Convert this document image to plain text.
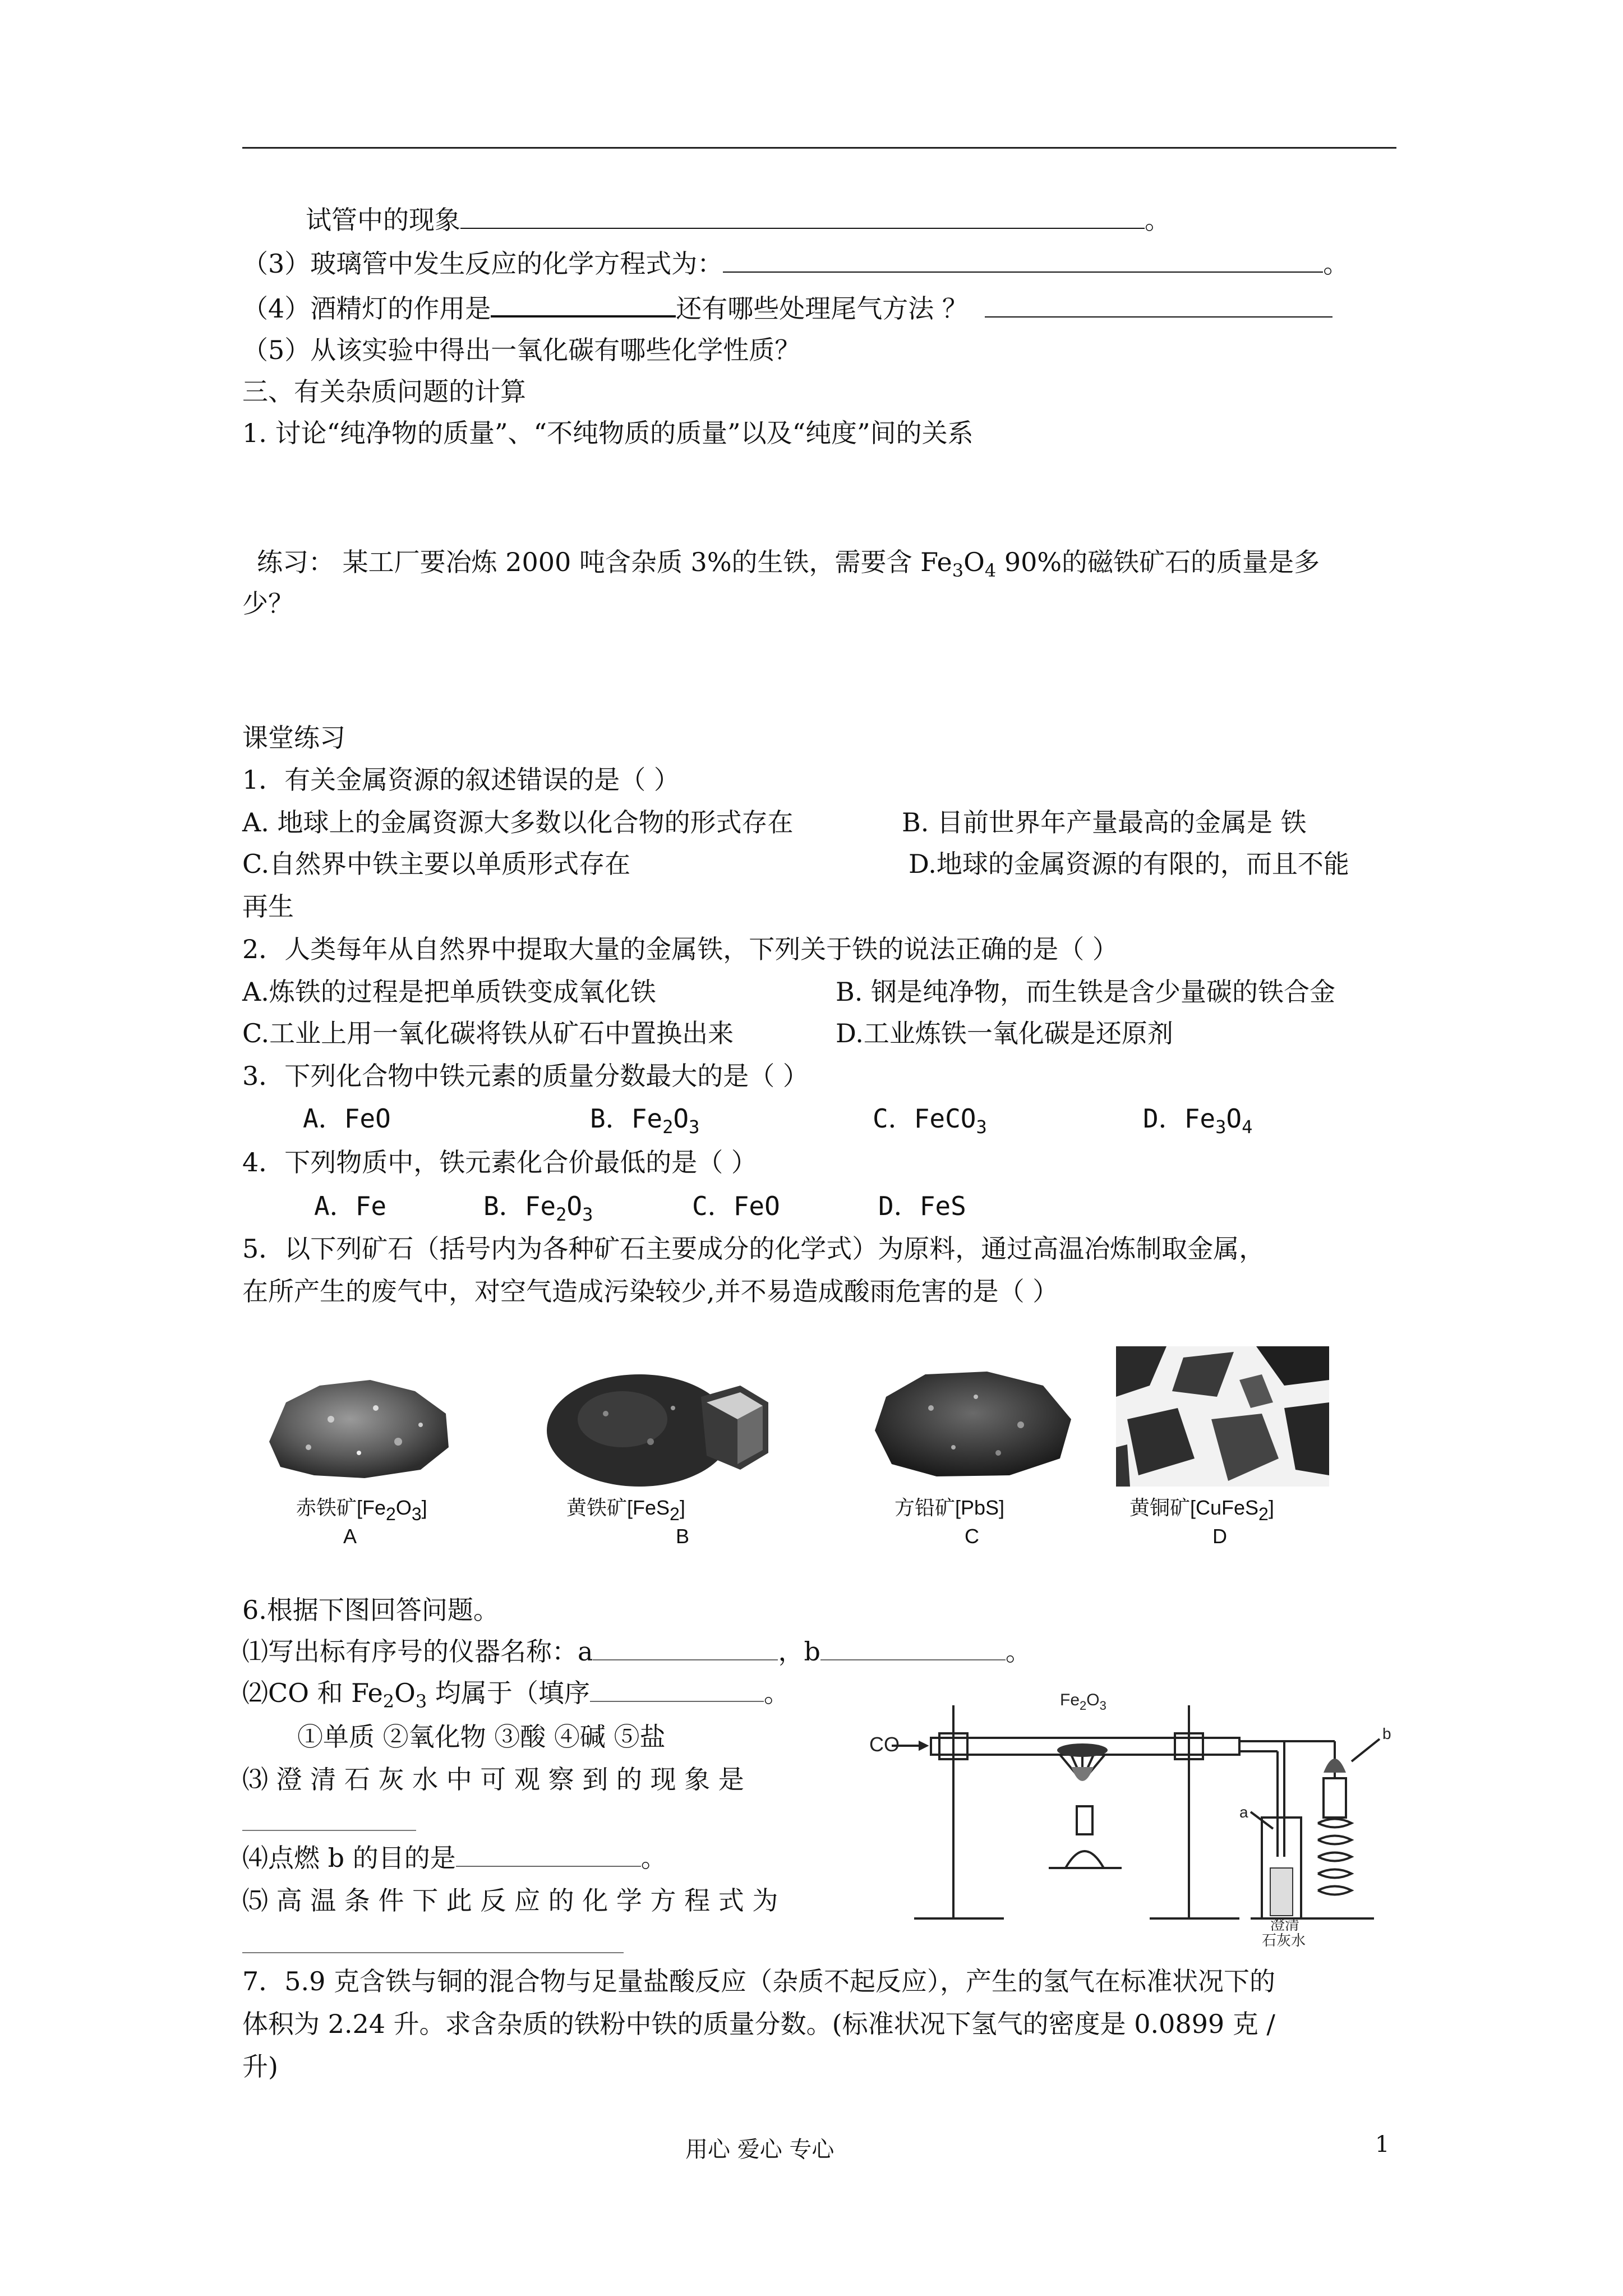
试管中的现象	。
（3）玻璃管中发生反应的化学方程式为：	。
（4）酒精灯的作用是	还有哪些处理尾气方法 ？
（5）从该实验中得出一氧化碳有哪些化学性质？
三、有关杂质问题的计算
1. 讨论“纯净物的质量”、“不纯物质的质量”以及“纯度”间的关系
练习： 某工厂要冶炼 2000 吨含杂质 3%的生铁，需要含 $Fe_3O_4$ 90%的磁铁矿石的质量是多
少？
课堂练习
1．有关金属资源的叙述错误的是（ ）
A. 地球上的金属资源大多数以化合物的形式存在	B. 目前世界年产量最高的金属是 铁
C.自然界中铁主要以单质形式存在	D.地球的金属资源的有限的，而且不能
再生
2．人类每年从自然界中提取大量的金属铁，下列关于铁的说法正确的是（ ）
A.炼铁的过程是把单质铁变成氧化铁	B. 钢是纯净物，而生铁是含少量碳的铁合金
C.工业上用一氧化碳将铁从矿石中置换出来	D.工业炼铁一氧化碳是还原剂
3．下列化合物中铁元素的质量分数最大的是（ ）
A．FeO	B．$Fe_2O_3$	C．FeCO$_3$	D．$Fe_3O_4$
4．下列物质中，铁元素化合价最低的是（ ）
A．Fe	B．$Fe_2O_3$	C．FeO	D．FeS
5．以下列矿石（括号内为各种矿石主要成分的化学式）为原料，通过高温冶炼制取金属，
在所产生的废气中，对空气造成污染较少,并不易造成酸雨危害的是（ ）
赤铁矿[Fe2O3]	黄铁矿[FeS2]	方铅矿[PbS]	黄铜矿[CuFeS2]
A	B	C	D
6.根据下图回答问题。
⑴写出标有序号的仪器名称：a	，b	。
⑵CO 和 $Fe_2O_3$ 均属于（填序	。
①单质 ②氧化物 ③酸 ④碱 ⑤盐
⑶ 澄 清 石 灰 水 中 可 观 察 到 的 现 象 是
⑷点燃 b 的目的是	。
⑸ 高 温 条 件 下 此 反 应 的 化 学 方 程 式 为
CO
$Fe_2O_3$
a
b
澄清
石灰水
7．5.9 克含铁与铜的混合物与足量盐酸反应（杂质不起反应），产生的氢气在标准状况下的
体积为 2.24 升。求含杂质的铁粉中铁的质量分数。(标准状况下氢气的密度是 0.0899 克 /
升)
用心 爱心 专心	1
